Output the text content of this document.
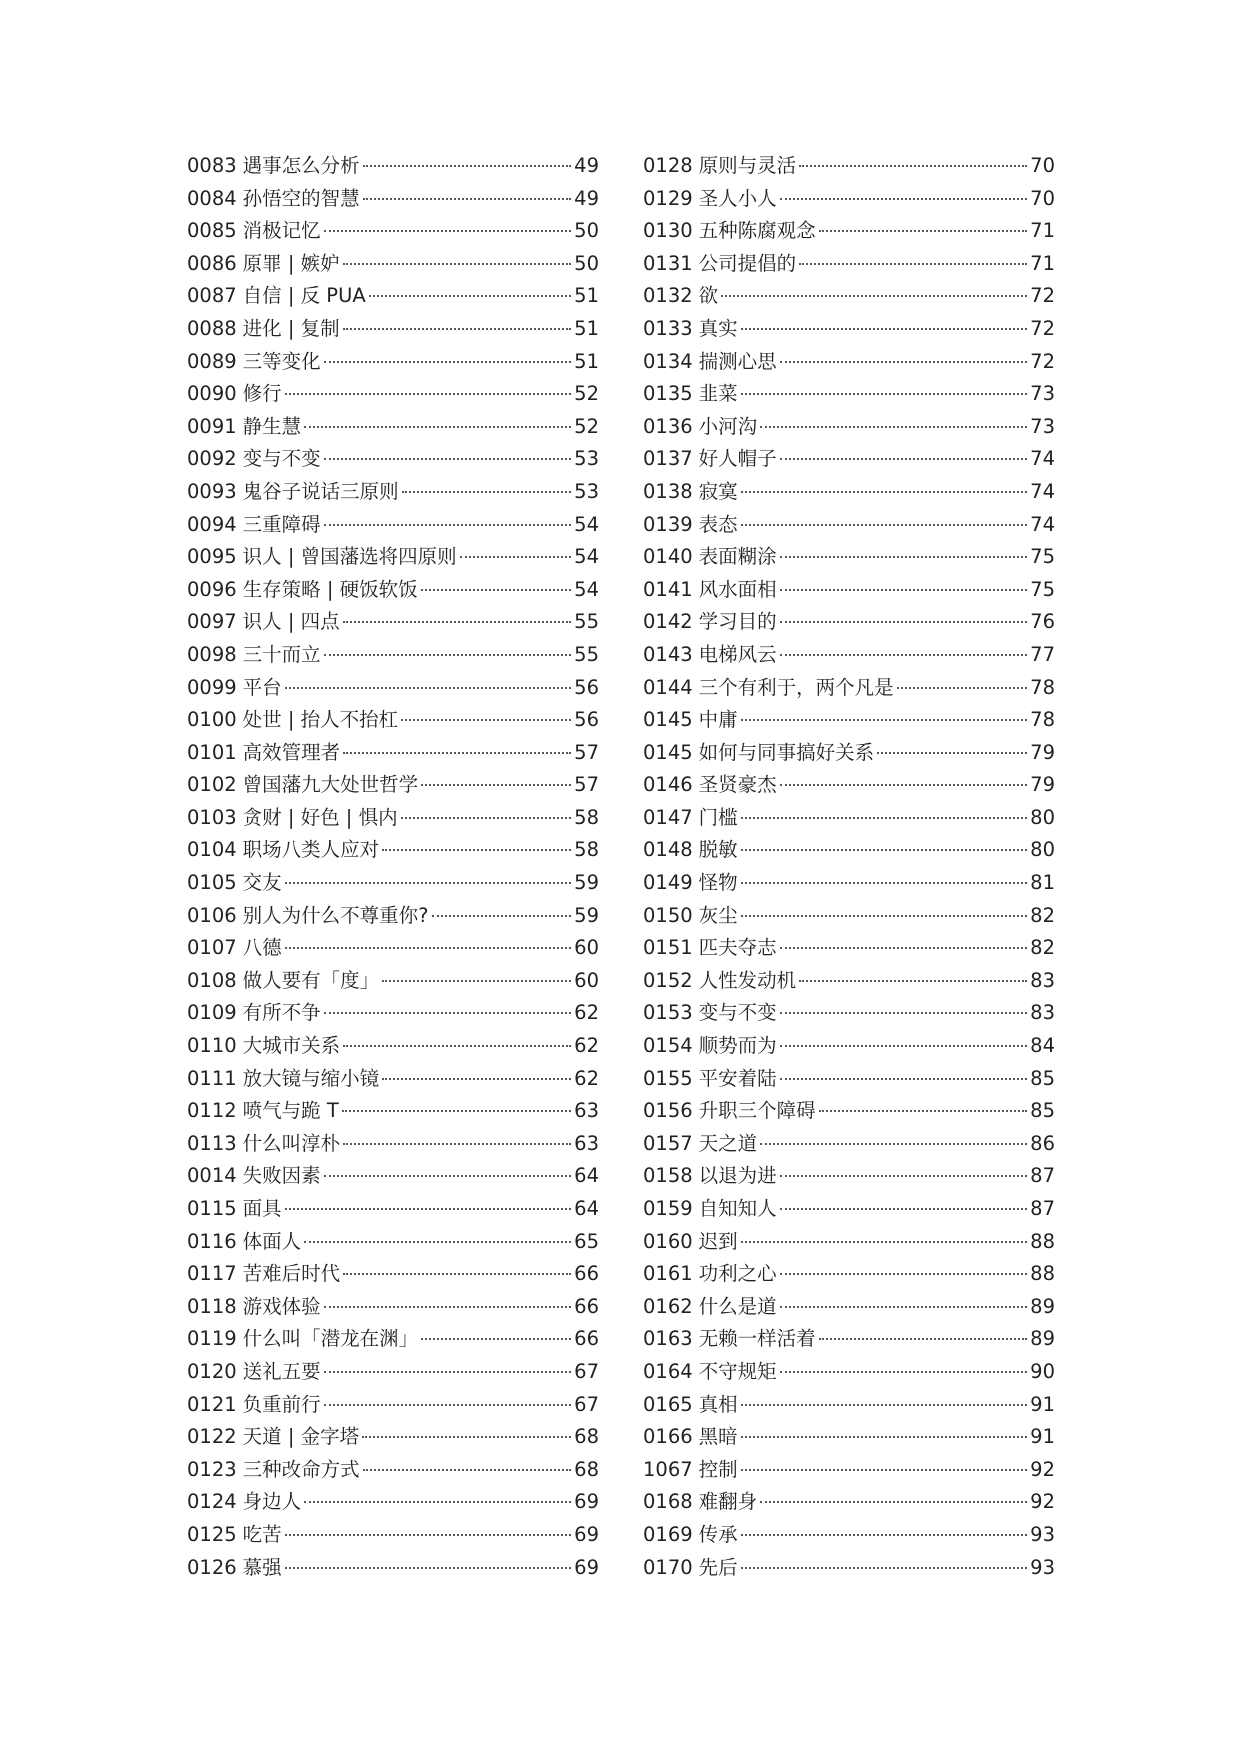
0083 遇事怎么分析	49
0084 孙悟空的智慧	49
0085 消极记忆	50
0086 原罪 | 嫉妒	50
0087 自信 | 反 PUA	51
0088 进化 | 复制	51
0089 三等变化	51
0090 修行	52
0091 静生慧	52
0092 变与不变	53
0093 鬼谷子说话三原则	53
0094 三重障碍	54
0095 识人 | 曾国藩选将四原则	54
0096 生存策略 | 硬饭软饭	54
0097 识人 | 四点	55
0098 三十而立	55
0099 平台	56
0100 处世 | 抬人不抬杠	56
0101 高效管理者	57
0102 曾国藩九大处世哲学	57
0103 贪财 | 好色 | 惧内	58
0104 职场八类人应对	58
0105 交友	59
0106 别人为什么不尊重你?	59
0107 八德	60
0108 做人要有「度」	60
0109 有所不争	62
0110 大城市关系	62
0111 放大镜与缩小镜	62
0112 喷气与跪 T	63
0113 什么叫淳朴	63
0014 失败因素	64
0115 面具	64
0116 体面人	65
0117 苦难后时代	66
0118 游戏体验	66
0119 什么叫「潜龙在渊」	66
0120 送礼五要	67
0121 负重前行	67
0122 天道 | 金字塔	68
0123 三种改命方式	68
0124 身边人	69
0125 吃苦	69
0126 慕强	69
0128 原则与灵活	70
0129 圣人小人	70
0130 五种陈腐观念	71
0131 公司提倡的	71
0132 欲	72
0133 真实	72
0134 揣测心思	72
0135 韭菜	73
0136 小河沟	73
0137 好人帽子	74
0138 寂寞	74
0139 表态	74
0140 表面糊涂	75
0141 风水面相	75
0142 学习目的	76
0143 电梯风云	77
0144 三个有利于，两个凡是	78
0145 中庸	78
0145 如何与同事搞好关系	79
0146 圣贤豪杰	79
0147 门槛	80
0148 脱敏	80
0149 怪物	81
0150 灰尘	82
0151 匹夫夺志	82
0152 人性发动机	83
0153 变与不变	83
0154 顺势而为	84
0155 平安着陆	85
0156 升职三个障碍	85
0157 天之道	86
0158 以退为进	87
0159 自知知人	87
0160 迟到	88
0161 功利之心	88
0162 什么是道	89
0163 无赖一样活着	89
0164 不守规矩	90
0165 真相	91
0166 黑暗	91
1067 控制	92
0168 难翻身	92
0169 传承	93
0170 先后	93
